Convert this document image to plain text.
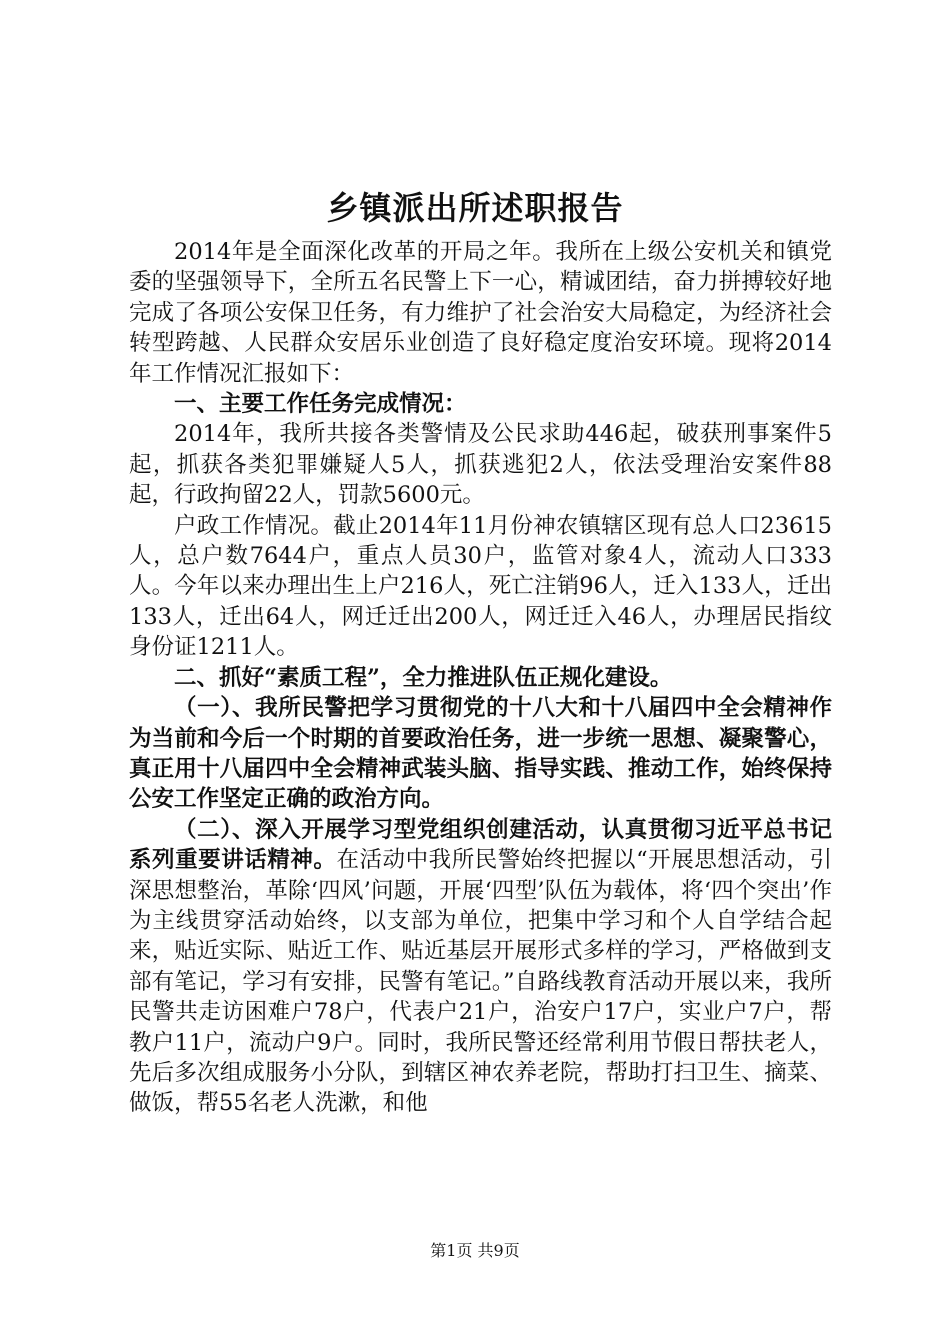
乡镇派出所述职报告

2014年是全面深化改革的开局之年。我所在上级公安机关和镇党委的坚强领导下，全所五名民警上下一心，精诚团结，奋力拼搏较好地完成了各项公安保卫任务，有力维护了社会治安大局稳定，为经济社会转型跨越、人民群众安居乐业创造了良好稳定度治安环境。现将2014年工作情况汇报如下：

一、主要工作任务完成情况：

2014年，我所共接各类警情及公民求助446起，破获刑事案件5起，抓获各类犯罪嫌疑人5人，抓获逃犯2人，依法受理治安案件88起，行政拘留22人，罚款5600元。

户政工作情况。截止2014年11月份神农镇辖区现有总人口23615人，总户数7644户，重点人员30户，监管对象4人，流动人口333人。今年以来办理出生上户216人，死亡注销96人，迁入133人，迁出133人，迁出64人，网迁迁出200人，网迁迁入46人，办理居民指纹身份证1211人。

二、抓好“素质工程”，全力推进队伍正规化建设。

（一）、我所民警把学习贯彻党的十八大和十八届四中全会精神作为当前和今后一个时期的首要政治任务，进一步统一思想、凝聚警心，真正用十八届四中全会精神武装头脑、指导实践、推动工作，始终保持公安工作坚定正确的政治方向。

（二）、深入开展学习型党组织创建活动，认真贯彻习近平总书记系列重要讲话精神。在活动中我所民警始终把握以“开展思想活动，引深思想整治，革除‘四风’问题，开展‘四型’队伍为载体，将‘四个突出’作为主线贯穿活动始终，以支部为单位，把集中学习和个人自学结合起来，贴近实际、贴近工作、贴近基层开展形式多样的学习，严格做到支部有笔记，学习有安排，民警有笔记。”自路线教育活动开展以来，我所民警共走访困难户78户，代表户21户，治安户17户，实业户7户，帮教户11户，流动户9户。同时，我所民警还经常利用节假日帮扶老人，先后多次组成服务小分队，到辖区神农养老院，帮助打扫卫生、摘菜、做饭，帮55名老人洗漱，和他

第1页 共9页
